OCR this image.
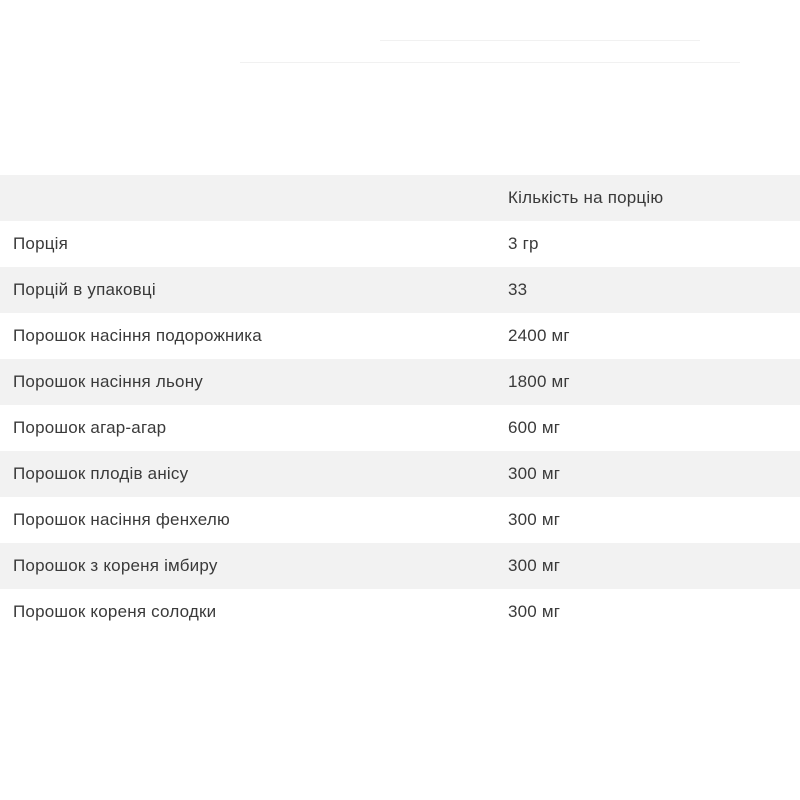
	Кількість на порцію
Порція	3 гр
Порцій в упаковці	33
Порошок насіння подорожника	2400 мг
Порошок насіння льону	1800 мг
Порошок агар-агар	600 мг
Порошок плодів анісу	300 мг
Порошок насіння фенхелю	300 мг
Порошок з кореня імбиру	300 мг
Порошок кореня солодки	300 мг
